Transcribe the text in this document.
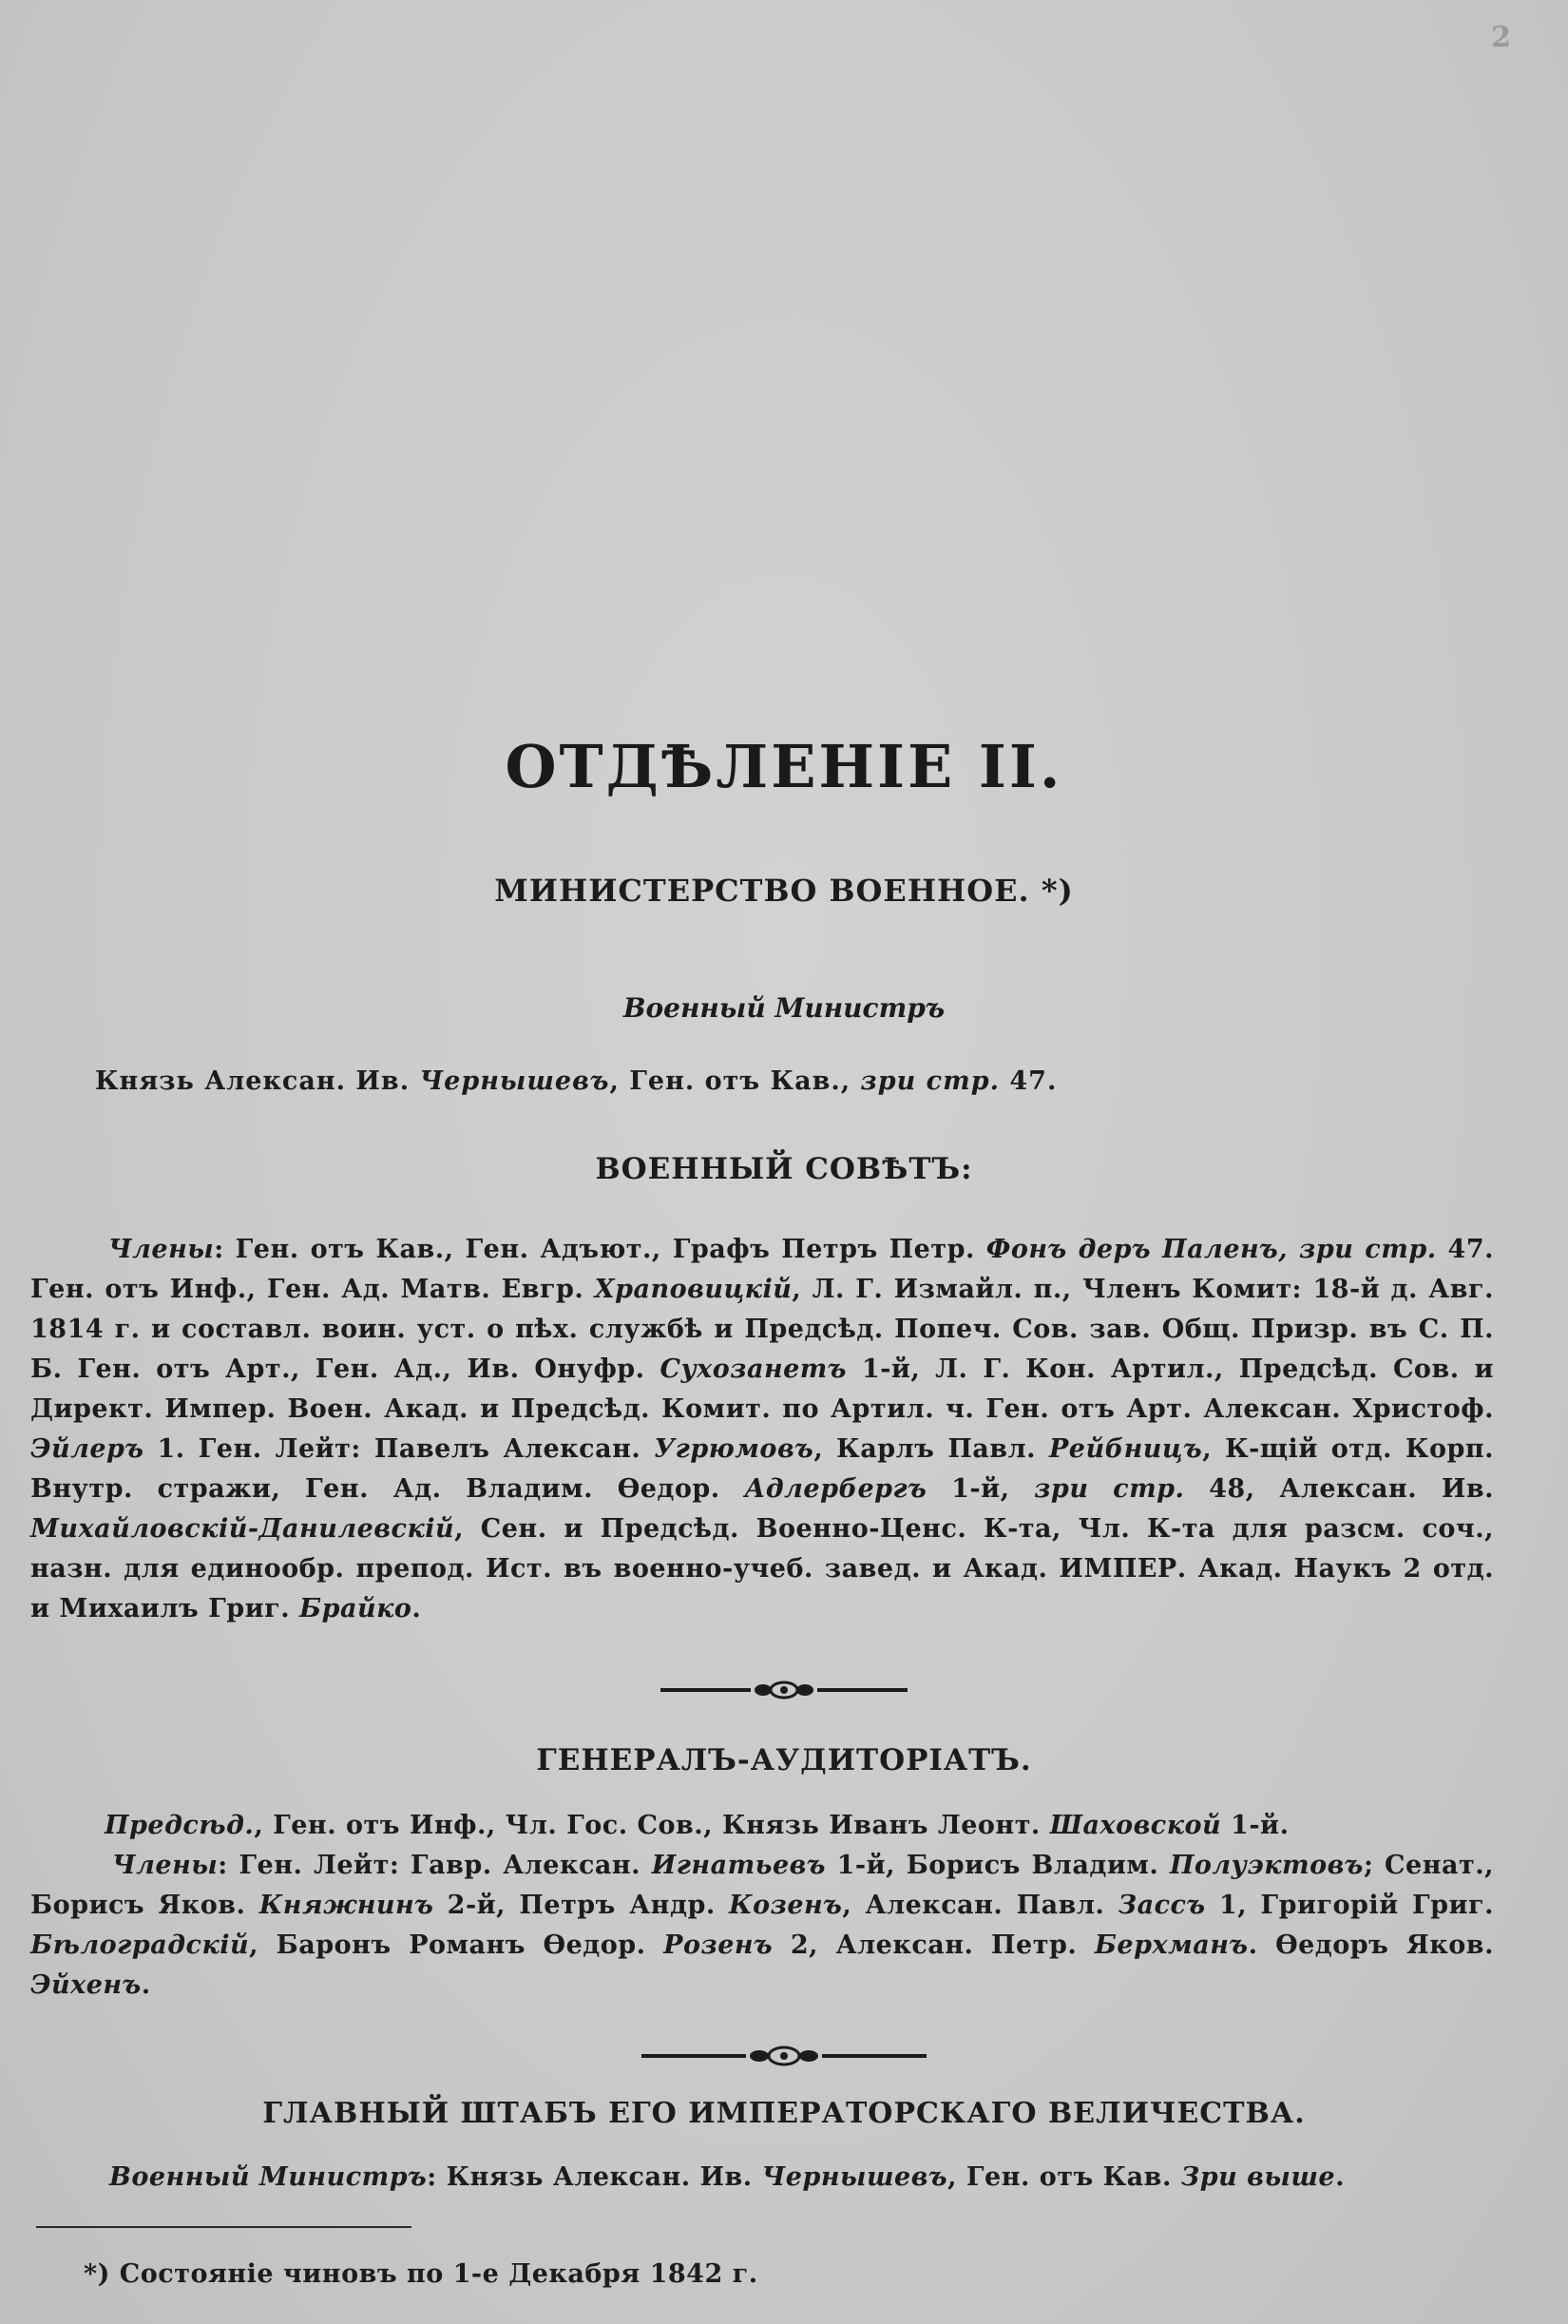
2
ОТДѢЛЕНІЕ II.
МИНИСТЕРСТВО ВОЕННОЕ. *)
Военный Министръ
Князь Алексан. Ив. Чернышевъ, Ген. отъ Кав., зри стр. 47.
ВОЕННЫЙ СОВѢТЪ:
Члены: Ген. отъ Кав., Ген. Адъют., Графъ Петръ Петр. Фонъ деръ Паленъ, зри стр. 47. Ген. отъ Инф., Ген. Ад. Матв. Евгр. Храповицкій, Л. Г. Измайл. п., Членъ Комит: 18-й д. Авг. 1814 г. и составл. воин. уст. о пѣх. службѣ и Предсѣд. Попеч. Сов. зав. Общ. Призр. въ С. П. Б. Ген. отъ Арт., Ген. Ад., Ив. Онуфр. Сухозанетъ 1-й, Л. Г. Кон. Артил., Предсѣд. Сов. и Директ. Импер. Воен. Акад. и Предсѣд. Комит. по Артил. ч. Ген. отъ Арт. Алексан. Христоф. Эйлеръ 1. Ген. Лейт: Павелъ Алексан. Угрюмовъ, Карлъ Павл. Рейбницъ, К-щій отд. Корп. Внутр. стражи, Ген. Ад. Владим. Ѳедор. Адлербергъ 1-й, зри стр. 48, Алексан. Ив. Михайловскій-Данилевскій, Сен. и Предсѣд. Военно-Ценс. К-та, Чл. К-та для разсм. соч., назн. для единообр. препод. Ист. въ военно-учеб. завед. и Акад. ИМПЕР. Акад. Наукъ 2 отд. и Михаилъ Григ. Брайко.
ГЕНЕРАЛЪ-АУДИТОРІАТЪ.
Предсѣд., Ген. отъ Инф., Чл. Гос. Сов., Князь Иванъ Леонт. Шаховской 1-й.
Члены: Ген. Лейт: Гавр. Алексан. Игнатьевъ 1-й, Борисъ Владим. Полуэктовъ; Сенат., Борисъ Яков. Княжнинъ 2-й, Петръ Андр. Козенъ, Алексан. Павл. Зассъ 1, Григорій Григ. Бѣлоградскій, Баронъ Романъ Ѳедор. Розенъ 2, Алексан. Петр. Берхманъ. Ѳедоръ Яков. Эйхенъ.
ГЛАВНЫЙ ШТАБЪ ЕГО ИМПЕРАТОРСКАГО ВЕЛИЧЕСТВА.
Военный Министръ: Князь Алексан. Ив. Чернышевъ, Ген. отъ Кав. Зри выше.
*) Состояніе чиновъ по 1-е Декабря 1842 г.
